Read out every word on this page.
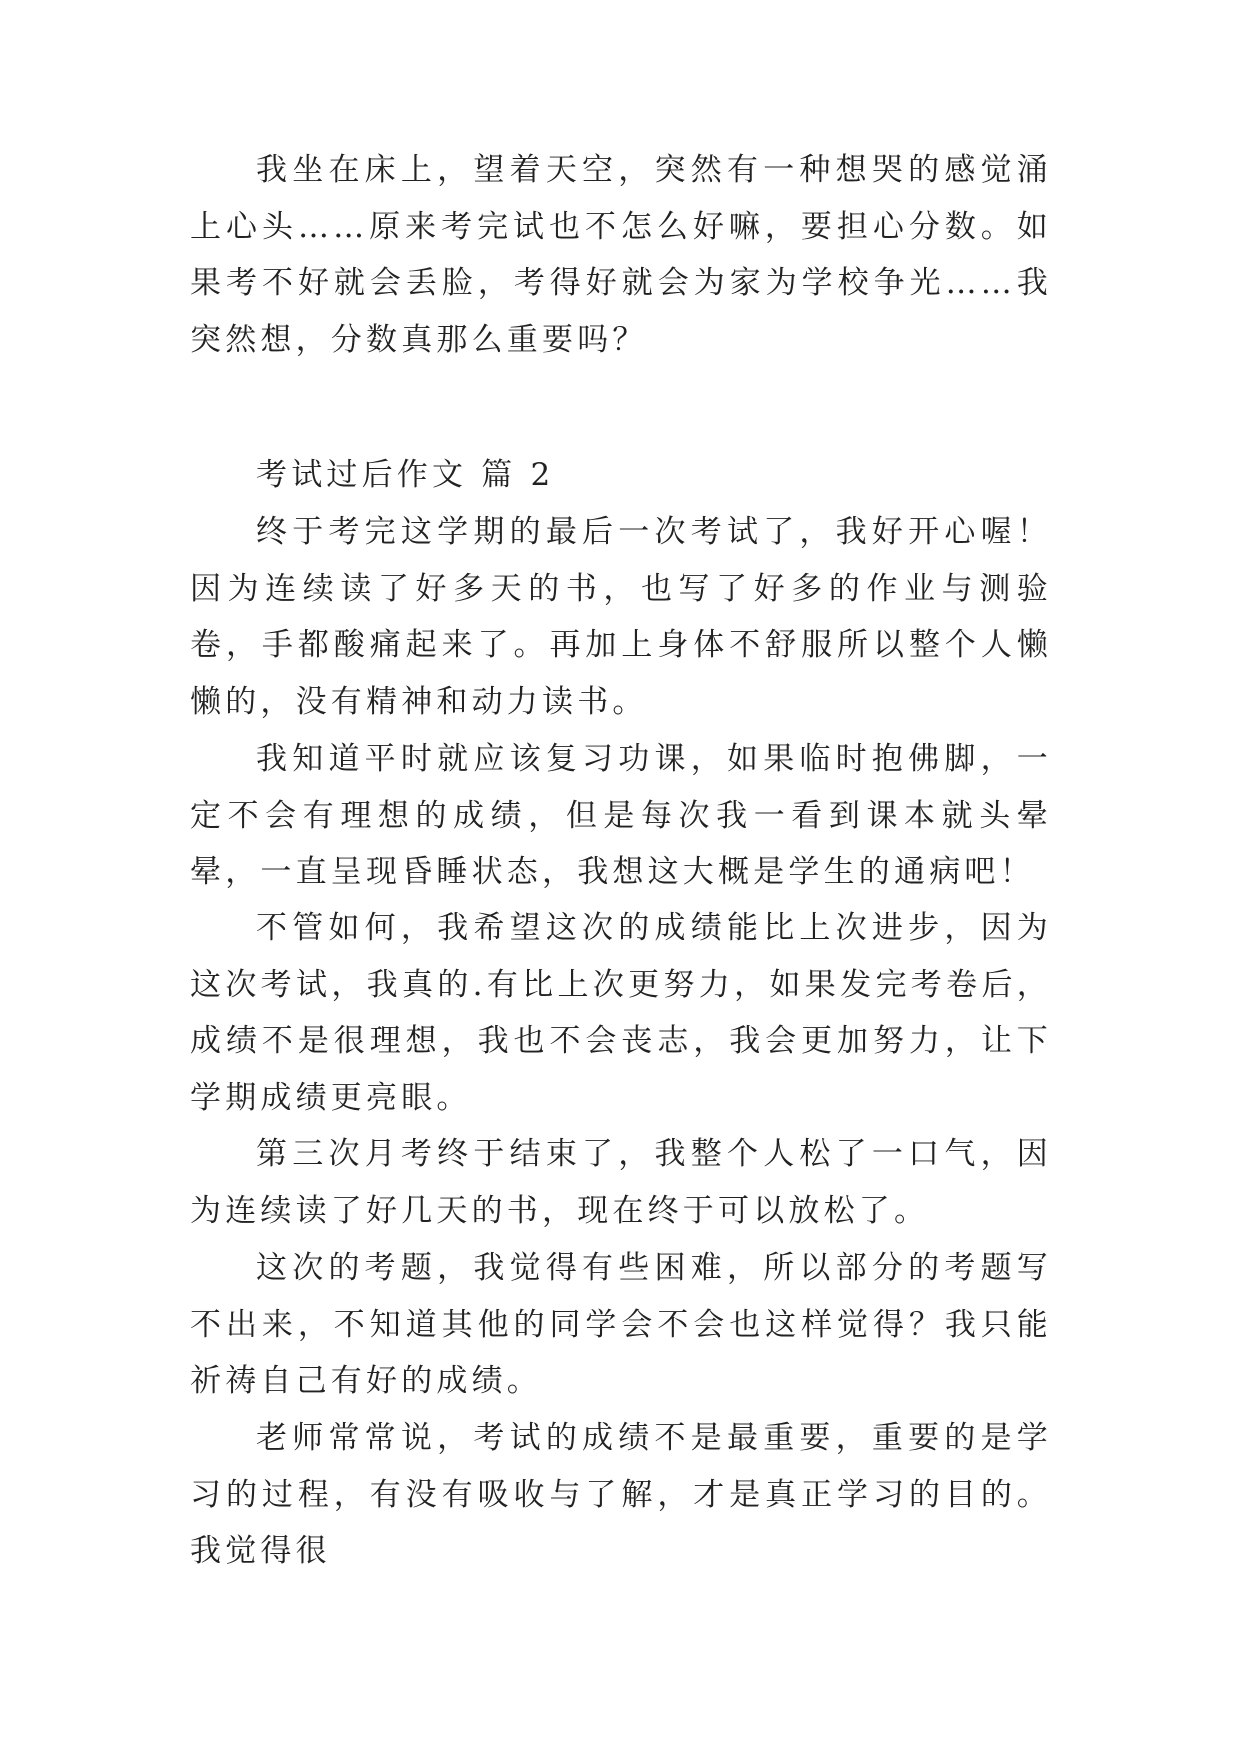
我坐在床上，望着天空，突然有一种想哭的感觉涌上心头……原来考完试也不怎么好嘛，要担心分数。如果考不好就会丢脸，考得好就会为家为学校争光……我突然想，分数真那么重要吗？

考试过后作文 篇 2

终于考完这学期的最后一次考试了，我好开心喔！因为连续读了好多天的书，也写了好多的作业与测验卷，手都酸痛起来了。再加上身体不舒服所以整个人懒懒的，没有精神和动力读书。

我知道平时就应该复习功课，如果临时抱佛脚，一定不会有理想的成绩，但是每次我一看到课本就头晕晕，一直呈现昏睡状态，我想这大概是学生的通病吧！

不管如何，我希望这次的成绩能比上次进步，因为这次考试，我真的.有比上次更努力，如果发完考卷后，成绩不是很理想，我也不会丧志，我会更加努力，让下学期成绩更亮眼。

第三次月考终于结束了，我整个人松了一口气，因为连续读了好几天的书，现在终于可以放松了。

这次的考题，我觉得有些困难，所以部分的考题写不出来，不知道其他的同学会不会也这样觉得？我只能祈祷自己有好的成绩。

老师常常说，考试的成绩不是最重要，重要的是学习的过程，有没有吸收与了解，才是真正学习的目的。我觉得很
